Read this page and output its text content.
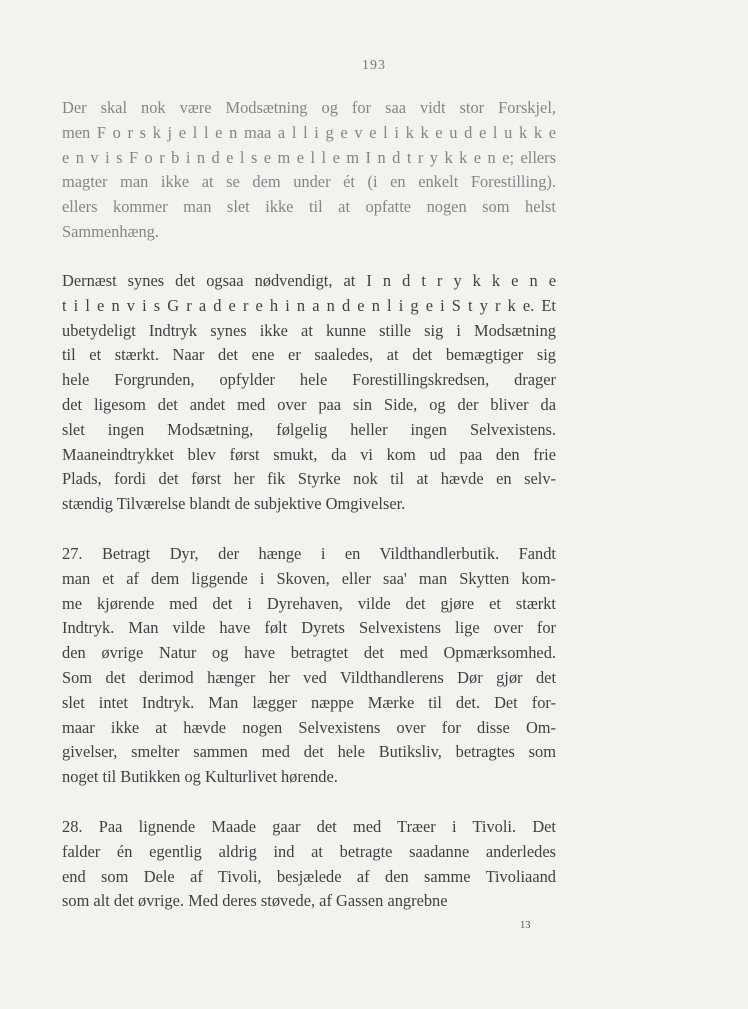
193
Der skal nok være Modsætning og for saa vidt stor Forskjel,
men F o r s k j e l l e n maa a l l i g e v e l i k k e u d e l u k k e
e n v i s F o r b i n d e l s e m e l l e m I n d t r y k k e n e; ellers
magter man ikke at se dem under ét (i en enkelt Forestilling).
ellers kommer man slet ikke til at opfatte nogen som helst
Sammenhæng.
Dernæst synes det ogsaa nødvendigt, at I n d t r y k k e n e
t i l e n v i s G r a d e r e h i n a n d e n l i g e i S t y r k e. Et
ubetydeligt Indtryk synes ikke at kunne stille sig i Modsætning
til et stærkt. Naar det ene er saaledes, at det bemægtiger sig
hele Forgrunden, opfylder hele Forestillingskredsen, drager
det ligesom det andet med over paa sin Side, og der bliver da
slet ingen Modsætning, følgelig heller ingen Selvexistens.
Maaneindtrykket blev først smukt, da vi kom ud paa den frie
Plads, fordi det først her fik Styrke nok til at hævde en selv-
stændig Tilværelse blandt de subjektive Omgivelser.
27. Betragt Dyr, der hænge i en Vildthandlerbutik. Fandt
man et af dem liggende i Skoven, eller saa' man Skytten kom-
me kjørende med det i Dyrehaven, vilde det gjøre et stærkt
Indtryk. Man vilde have følt Dyrets Selvexistens lige over for
den øvrige Natur og have betragtet det med Opmærksomhed.
Som det derimod hænger her ved Vildthandlerens Dør gjør det
slet intet Indtryk. Man lægger næppe Mærke til det. Det for-
maar ikke at hævde nogen Selvexistens over for disse Om-
givelser, smelter sammen med det hele Butiksliv, betragtes som
noget til Butikken og Kulturlivet hørende.
28. Paa lignende Maade gaar det med Træer i Tivoli. Det
falder én egentlig aldrig ind at betragte saadanne anderledes
end som Dele af Tivoli, besjælede af den samme Tivoliaand
som alt det øvrige. Med deres støvede, af Gassen angrebne
13
